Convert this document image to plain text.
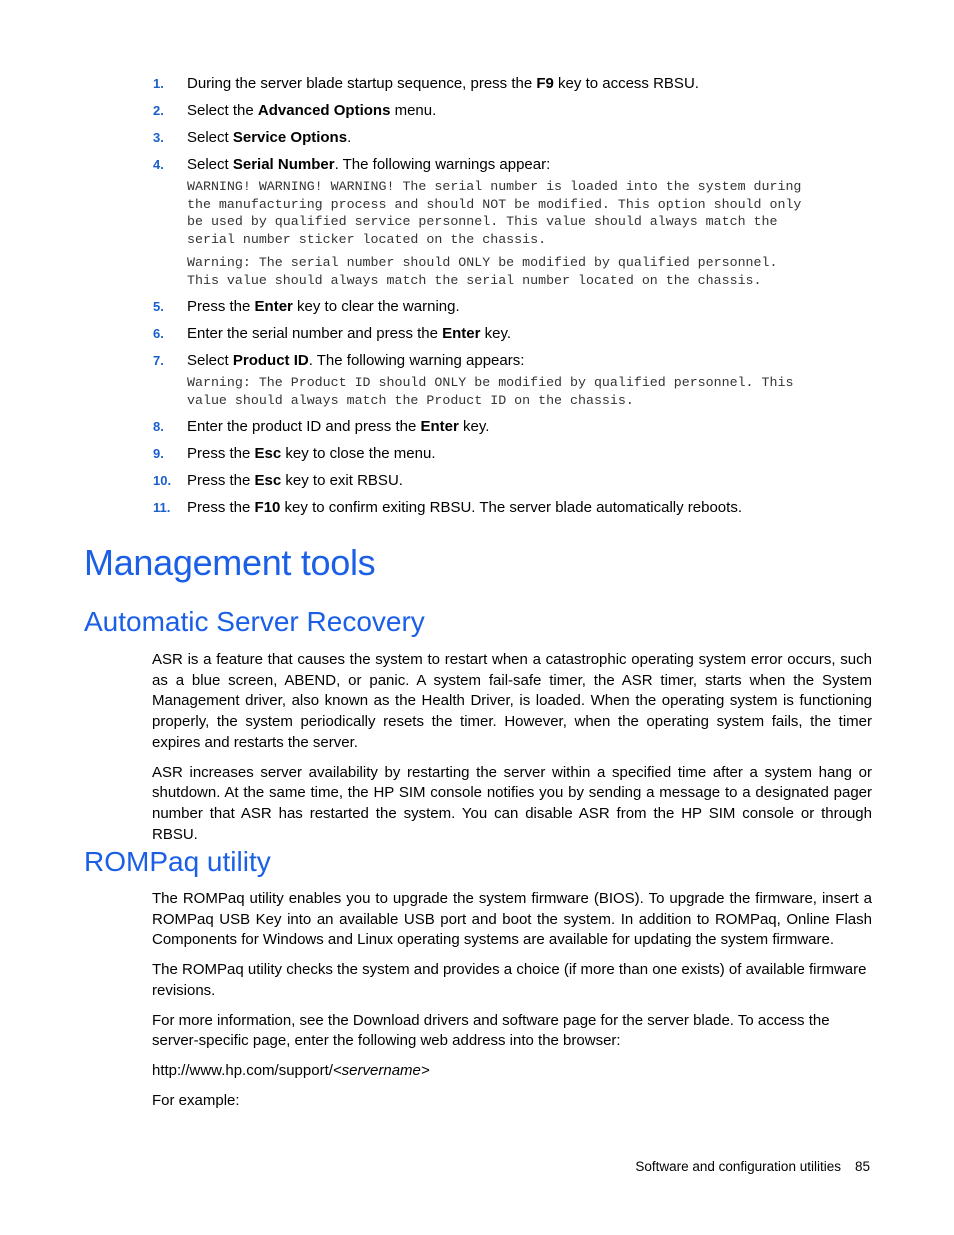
1. During the server blade startup sequence, press the F9 key to access RBSU.
2. Select the Advanced Options menu.
3. Select Service Options.
4. Select Serial Number. The following warnings appear:
WARNING! WARNING! WARNING! The serial number is loaded into the system during
the manufacturing process and should NOT be modified. This option should only
be used by qualified service personnel. This value should always match the
serial number sticker located on the chassis.
Warning: The serial number should ONLY be modified by qualified personnel.
This value should always match the serial number located on the chassis.
5. Press the Enter key to clear the warning.
6. Enter the serial number and press the Enter key.
7. Select Product ID. The following warning appears:
Warning: The Product ID should ONLY be modified by qualified personnel. This
value should always match the Product ID on the chassis.
8. Enter the product ID and press the Enter key.
9. Press the Esc key to close the menu.
10. Press the Esc key to exit RBSU.
11. Press the F10 key to confirm exiting RBSU. The server blade automatically reboots.
Management tools
Automatic Server Recovery

ASR is a feature that causes the system to restart when a catastrophic operating system error occurs, such as a blue screen, ABEND, or panic. A system fail-safe timer, the ASR timer, starts when the System Management driver, also known as the Health Driver, is loaded. When the operating system is functioning properly, the system periodically resets the timer. However, when the operating system fails, the timer expires and restarts the server.

ASR increases server availability by restarting the server within a specified time after a system hang or shutdown. At the same time, the HP SIM console notifies you by sending a message to a designated pager number that ASR has restarted the system. You can disable ASR from the HP SIM console or through RBSU.

ROMPaq utility

The ROMPaq utility enables you to upgrade the system firmware (BIOS). To upgrade the firmware, insert a ROMPaq USB Key into an available USB port and boot the system. In addition to ROMPaq, Online Flash Components for Windows and Linux operating systems are available for updating the system firmware.

The ROMPaq utility checks the system and provides a choice (if more than one exists) of available firmware revisions.

For more information, see the Download drivers and software page for the server blade. To access the server-specific page, enter the following web address into the browser:

http://www.hp.com/support/<servername>

For example:

Software and configuration utilities 85
